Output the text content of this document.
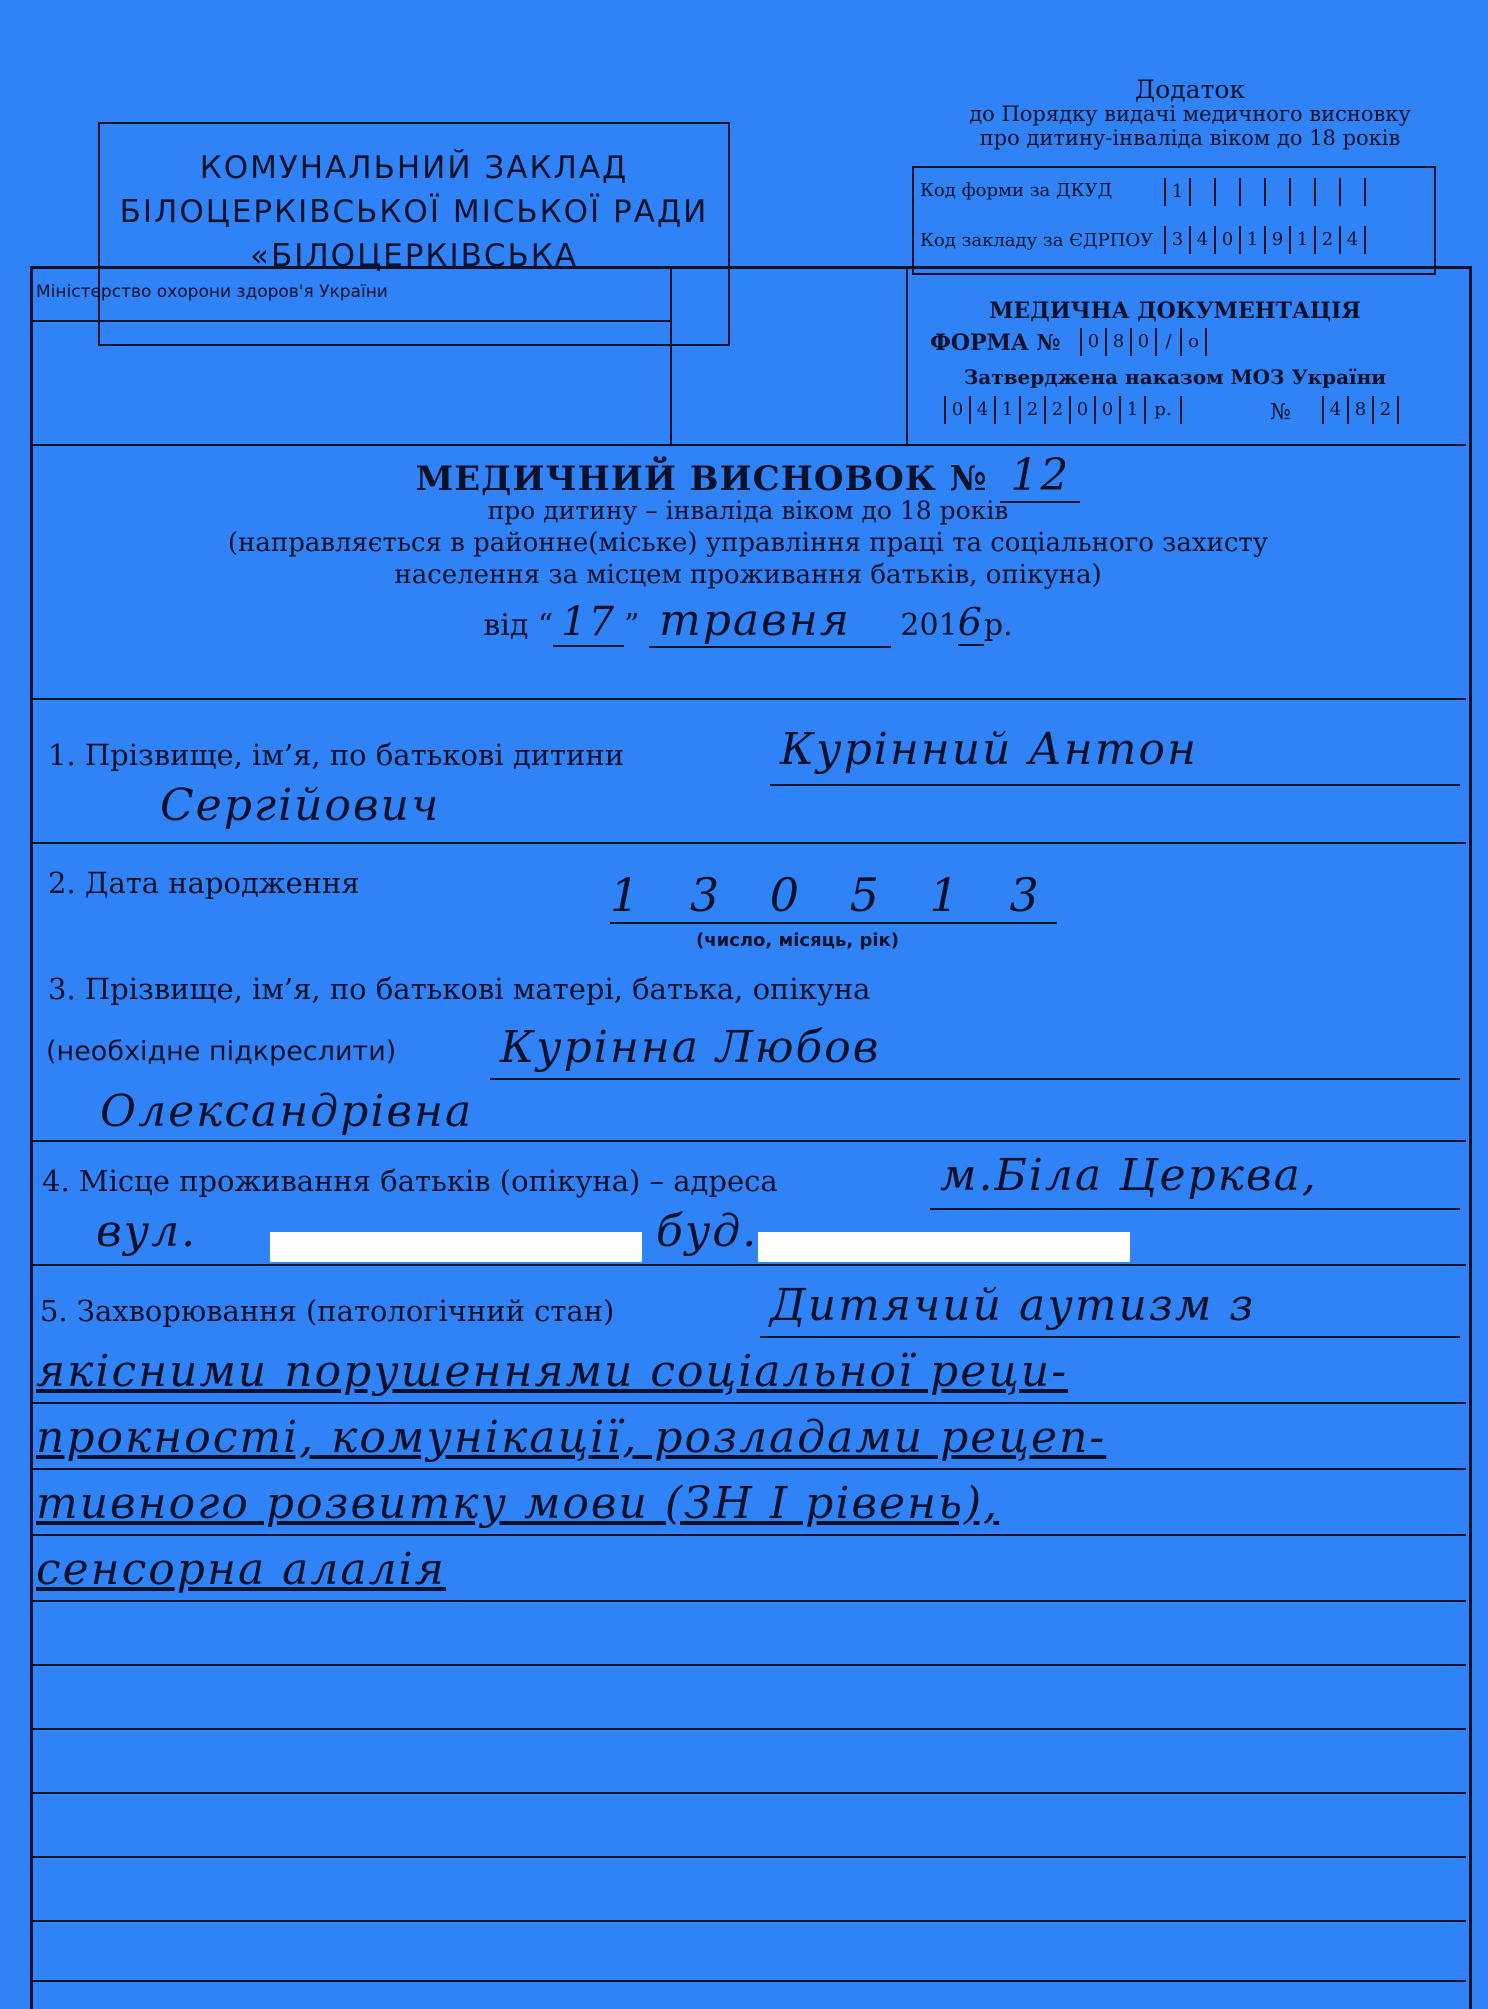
Додаток
до Порядку видачі медичного висновку
про дитину-інваліда віком до 18 років
КОМУНАЛЬНИЙ ЗАКЛАД
БІЛОЦЕРКІВСЬКОЇ МІСЬКОЇ РАДИ
«БІЛОЦЕРКІВСЬКА
Код форми за ДКУД	1
Код закладу за ЄДРПОУ	3 4 0 1 9 1 2 4
Міністерство охорони здоров'я України
МЕДИЧНА ДОКУМЕНТАЦІЯ
ФОРМА №	0 8 0 / о
Затверджена наказом МОЗ України
0 4 1 2 2 0 0 1 р.	№	4 8 2
МЕДИЧНИЙ ВИСНОВОК № 12
про дитину – інваліда віком до 18 років
(направляється в районне(міське) управління праці та соціального захисту
населення за місцем проживання батьків, опікуна)
від “ 17 ” травня 2016р.
1. Прізвище, ім’я, по батькові дитини	Курінний Антон
Сергійович
2. Дата народження	1 3 0 5 1 3
(число, місяць, рік)
3. Прізвище, ім’я, по батькові матері, батька, опікуна
(необхідне підкреслити) Курінна Любов
Олександрівна
4. Місце проживання батьків (опікуна) – адреса	м.Біла Церква,
вул.	буд.
5. Захворювання (патологічний стан)	Дитячий аутизм з
якісними порушеннями соціальної реци-
прокності, комунікації, розладами рецеп-
тивного розвитку мови (ЗН І рівень),
сенсорна алалія
